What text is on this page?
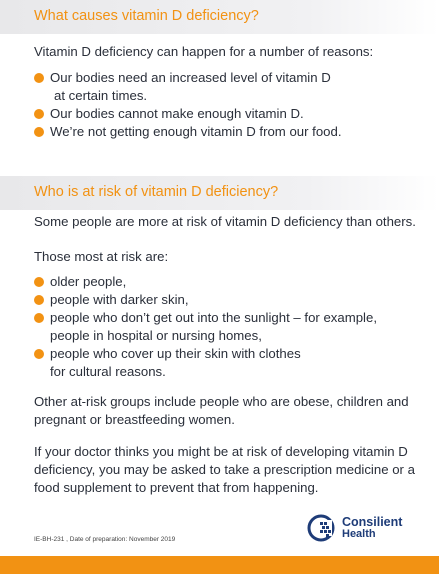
What causes vitamin D deficiency?
Vitamin D deficiency can happen for a number of reasons:
Our bodies need an increased level of vitamin D
at certain times.
Our bodies cannot make enough vitamin D.
We’re not getting enough vitamin D from our food.
Who is at risk of vitamin D deficiency?
Some people are more at risk of vitamin D deficiency than others.
Those most at risk are:
older people,
people with darker skin,
people who don’t get out into the sunlight – for example,
people in hospital or nursing homes,
people who cover up their skin with clothes
for cultural reasons.
Other at-risk groups include people who are obese, children and
pregnant or breastfeeding women.
If your doctor thinks you might be at risk of developing vitamin D
deficiency, you may be asked to take a prescription medicine or a
food supplement to prevent that from happening.
IE-BH-231 , Date of preparation: November 2019
Consilient
Health
